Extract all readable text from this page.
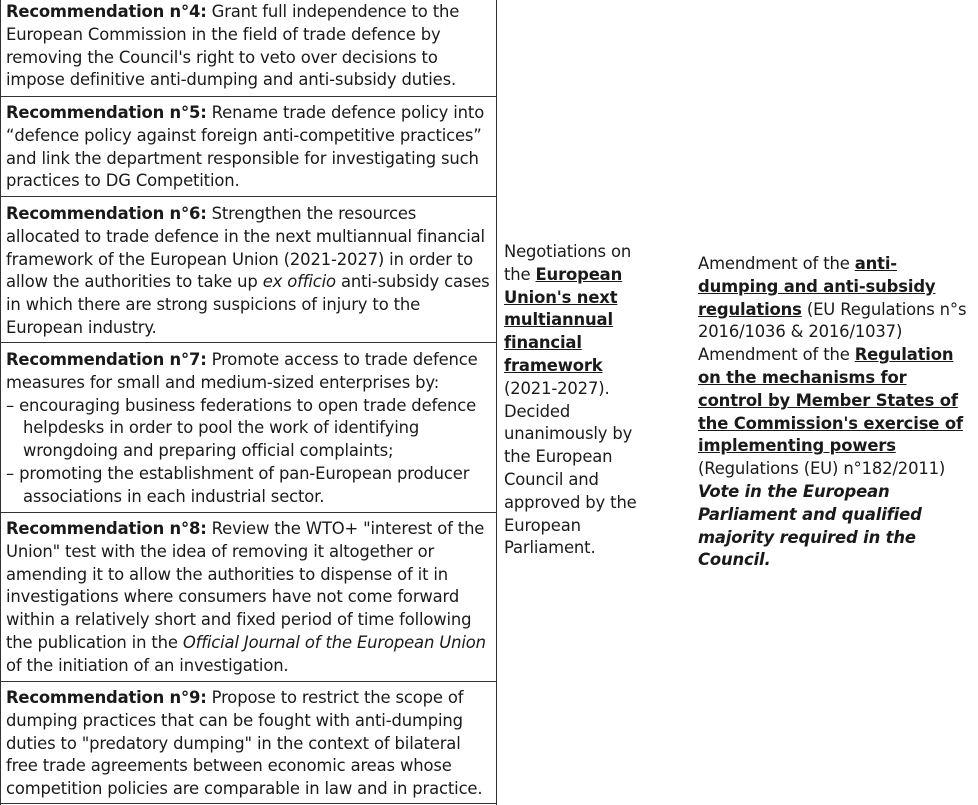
Recommendation n°4: Grant full independence to the European Commission in the field of trade defence by removing the Council's right to veto over decisions to impose definitive anti-dumping and anti-subsidy duties.
Recommendation n°5: Rename trade defence policy into “defence policy against foreign anti-competitive practices” and link the department responsible for investigating such practices to DG Competition.
Recommendation n°6: Strengthen the resources allocated to trade defence in the next multiannual financial framework of the European Union (2021-2027) in order to allow the authorities to take up ex officio anti-subsidy cases in which there are strong suspicions of injury to the European industry.
Recommendation n°7: Promote access to trade defence measures for small and medium-sized enterprises by:
– encouraging business federations to open trade defence helpdesks in order to pool the work of identifying wrongdoing and preparing official complaints;
– promoting the establishment of pan-European producer associations in each industrial sector.
Recommendation n°8: Review the WTO+ "interest of the Union" test with the idea of removing it altogether or amending it to allow the authorities to dispense of it in investigations where consumers have not come forward within a relatively short and fixed period of time following the publication in the Official Journal of the European Union of the initiation of an investigation.
Recommendation n°9: Propose to restrict the scope of dumping practices that can be fought with anti-dumping duties to "predatory dumping" in the context of bilateral free trade agreements between economic areas whose competition policies are comparable in law and in practice.
Negotiations on the European Union's next multiannual financial framework (2021-2027). Decided unanimously by the European Council and approved by the European Parliament.
Amendment of the anti-dumping and anti-subsidy regulations (EU Regulations n°s 2016/1036 & 2016/1037)
Amendment of the Regulation on the mechanisms for control by Member States of the Commission's exercise of implementing powers (Regulations (EU) n°182/2011)
Vote in the European Parliament and qualified majority required in the Council.
